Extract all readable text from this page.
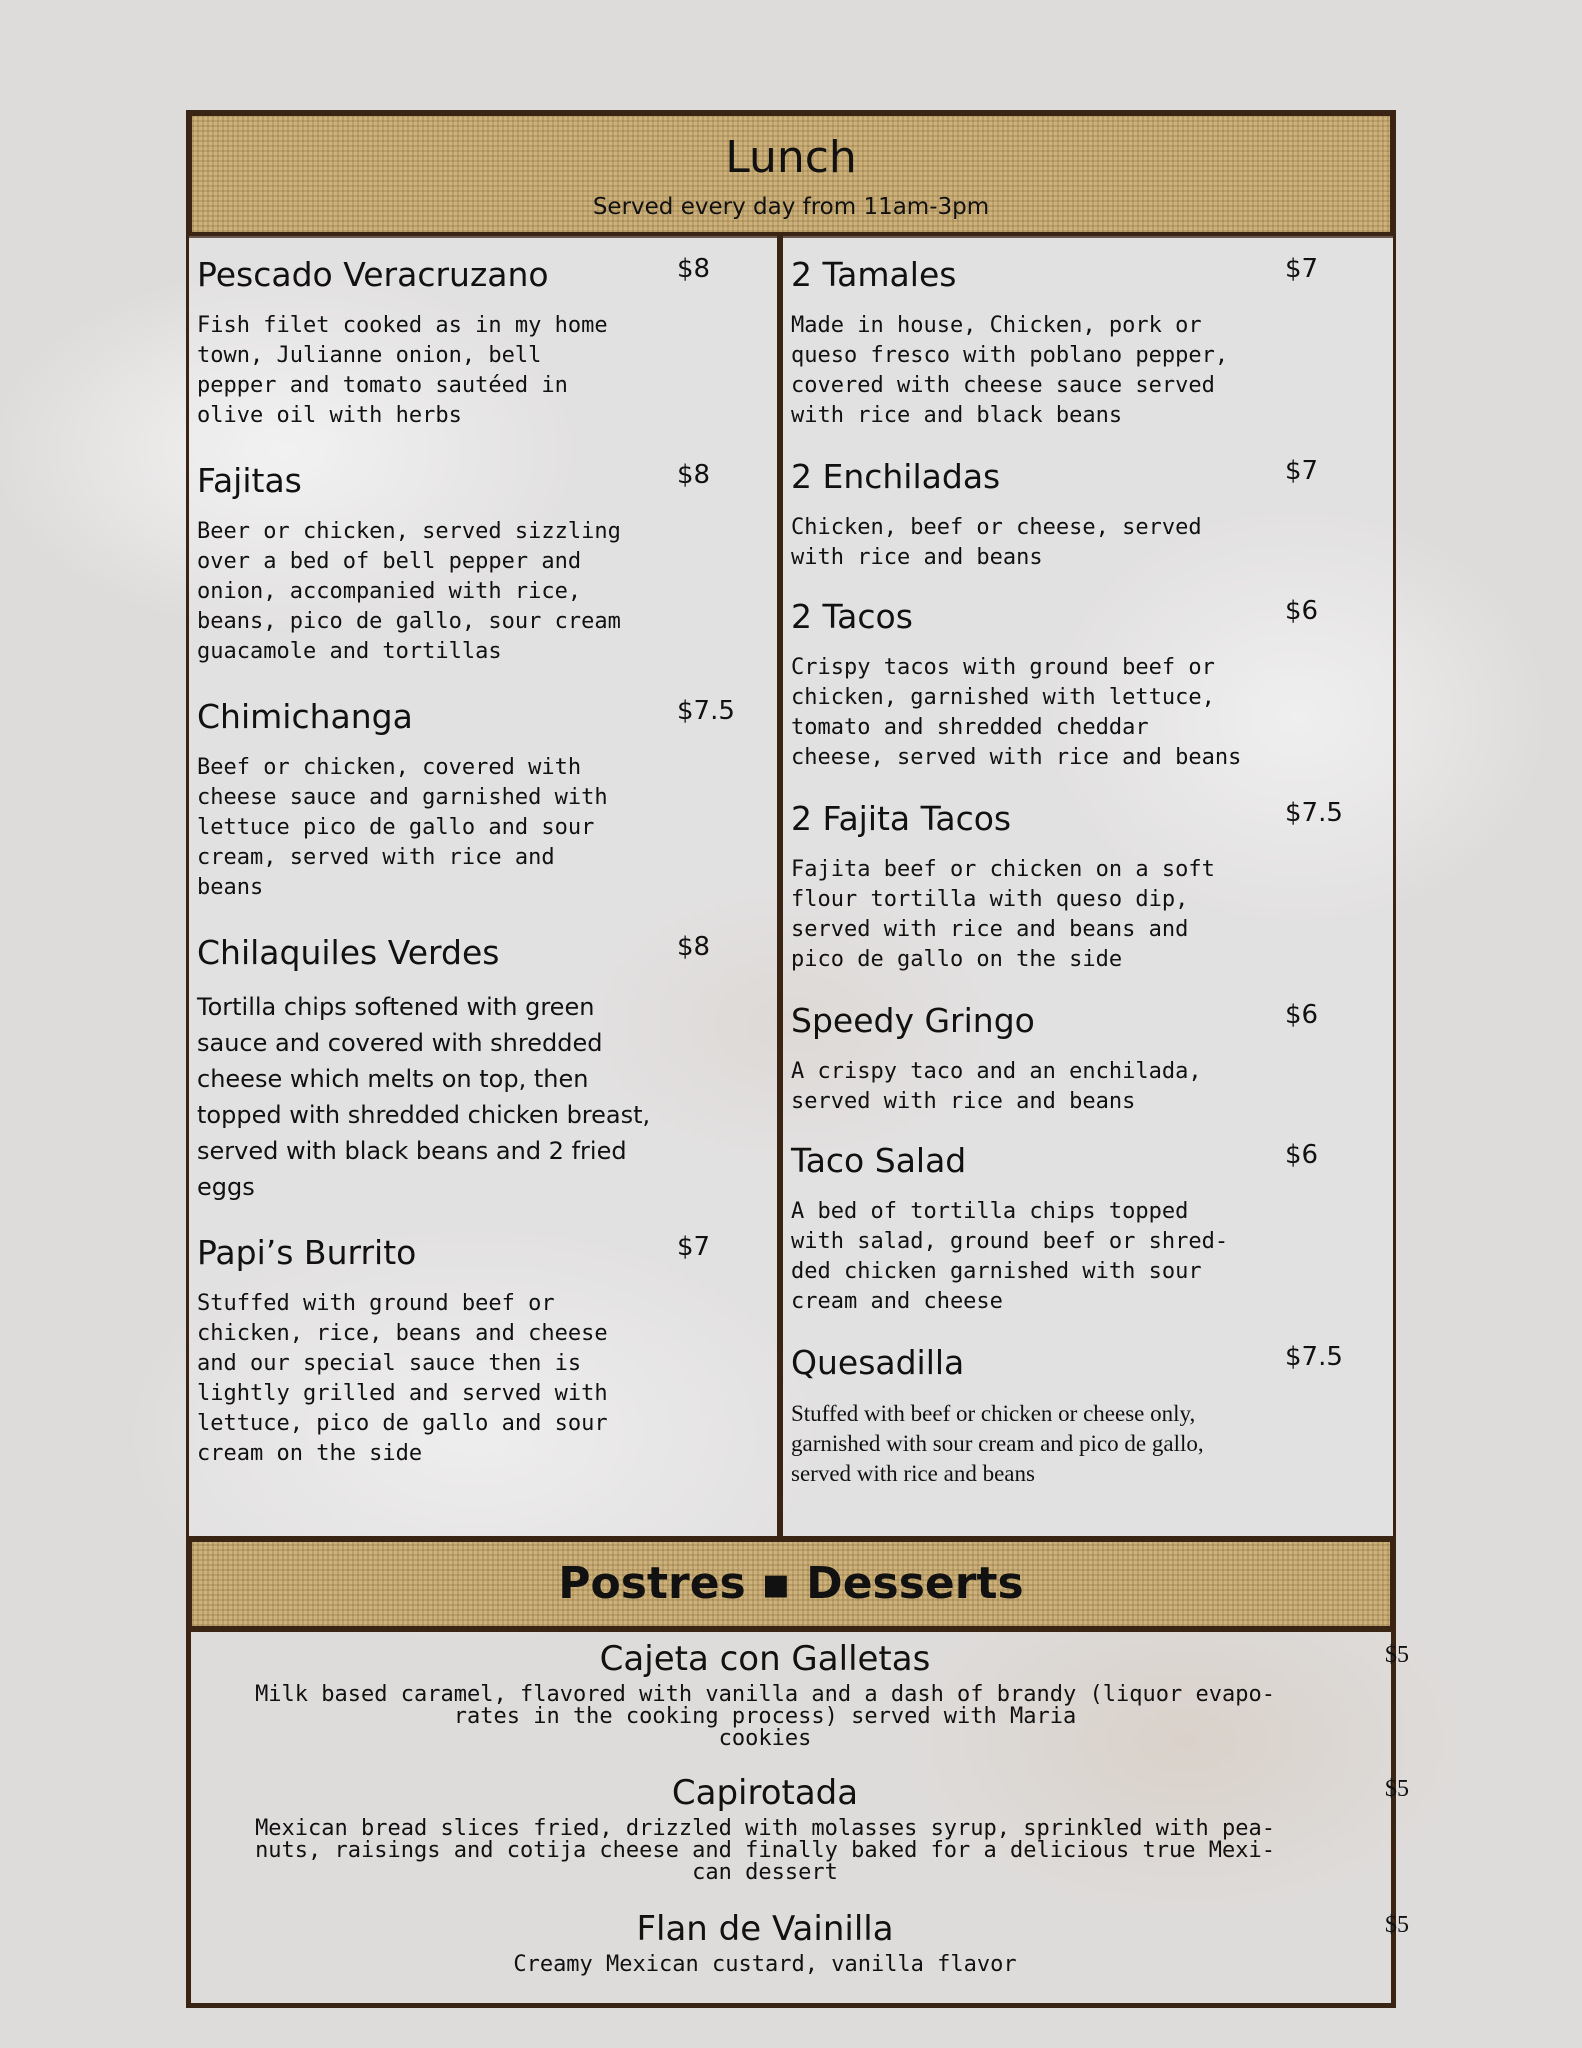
Lunch
Served every day from 11am-3pm
Pescado Veracruzano	$8
Fish filet cooked as in my home
town, Julianne onion, bell
pepper and tomato sautéed in
olive oil with herbs
Fajitas	$8
Beer or chicken, served sizzling
over a bed of bell pepper and
onion, accompanied with rice,
beans, pico de gallo, sour cream
guacamole and tortillas
Chimichanga	$7.5
Beef or chicken, covered with
cheese sauce and garnished with
lettuce pico de gallo and sour
cream, served with rice and
beans
Chilaquiles Verdes	$8
Tortilla chips softened with green
sauce and covered with shredded
cheese which melts on top, then
topped with shredded chicken breast,
served with black beans and 2 fried
eggs
Papi’s Burrito	$7
Stuffed with ground beef or
chicken, rice, beans and cheese
and our special sauce then is
lightly grilled and served with
lettuce, pico de gallo and sour
cream on the side
2 Tamales	$7
Made in house, Chicken, pork or
queso fresco with poblano pepper,
covered with cheese sauce served
with rice and black beans
2 Enchiladas	$7
Chicken, beef or cheese, served
with rice and beans
2 Tacos	$6
Crispy tacos with ground beef or
chicken, garnished with lettuce,
tomato and shredded cheddar
cheese, served with rice and beans
2 Fajita Tacos	$7.5
Fajita beef or chicken on a soft
flour tortilla with queso dip,
served with rice and beans and
pico de gallo on the side
Speedy Gringo	$6
A crispy taco and an enchilada,
served with rice and beans
Taco Salad	$6
A bed of tortilla chips topped
with salad, ground beef or shred-
ded chicken garnished with sour
cream and cheese
Quesadilla	$7.5
Stuffed with beef or chicken or cheese only,
garnished with sour cream and pico de gallo,
served with rice and beans
Postres ▪ Desserts
Cajeta con Galletas	$5
Milk based caramel, flavored with vanilla and a dash of brandy (liquor evapo-
rates in the cooking process) served with Maria
cookies
Capirotada	$5
Mexican bread slices fried, drizzled with molasses syrup, sprinkled with pea-
nuts, raisings and cotija cheese and finally baked for a delicious true Mexi-
can dessert
Flan de Vainilla	$5
Creamy Mexican custard, vanilla flavor
